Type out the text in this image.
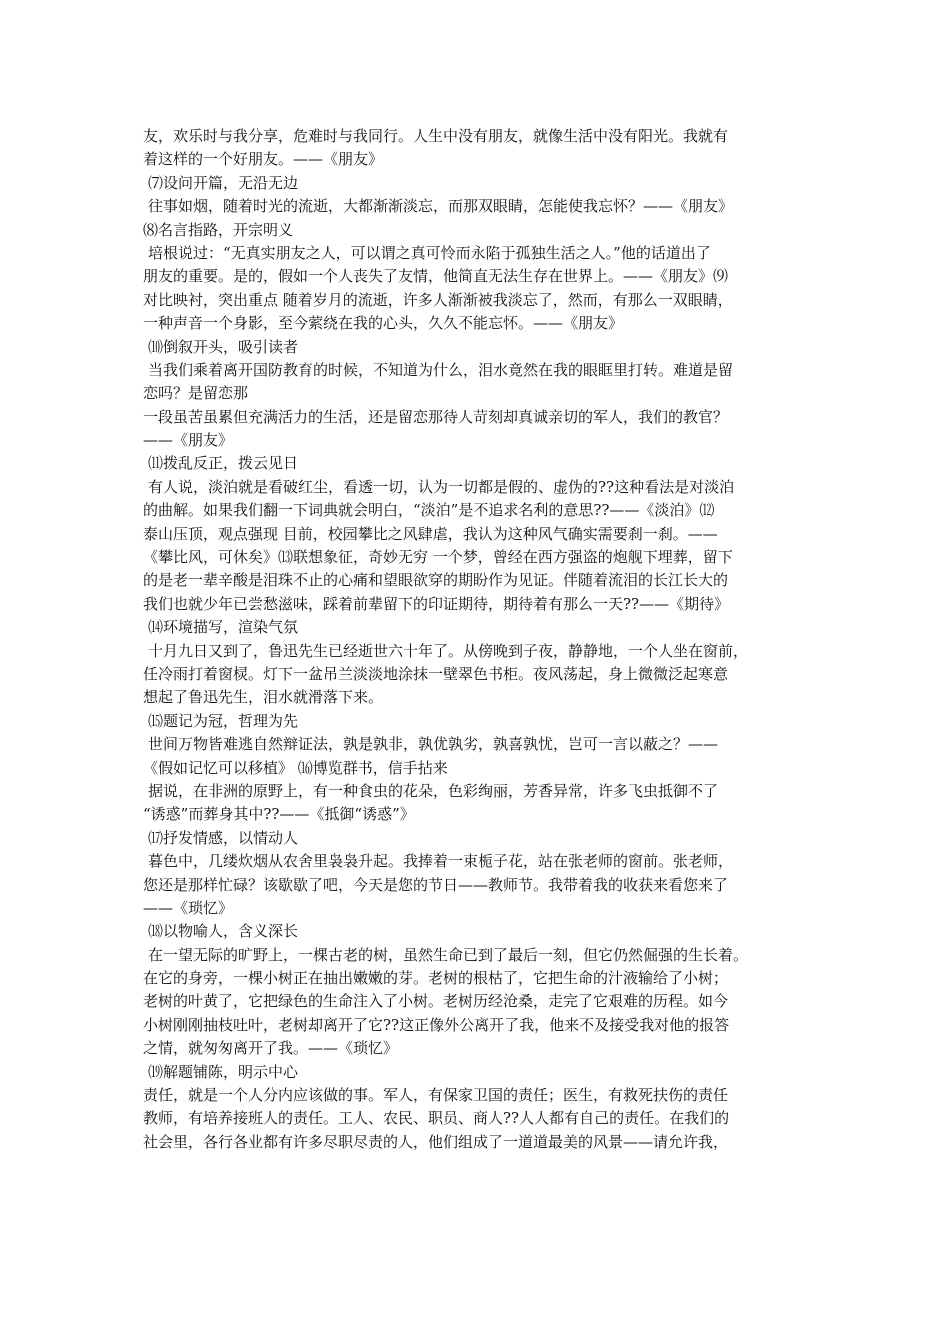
友，欢乐时与我分享，危难时与我同行。人生中没有朋友，就像生活中没有阳光。我就有
着这样的一个好朋友。——《朋友》
⑺设问开篇，无沿无边
往事如烟，随着时光的流逝，大都渐渐淡忘，而那双眼睛，怎能使我忘怀？——《朋友》
⑻名言指路，开宗明义
培根说过：“无真实朋友之人，可以谓之真可怜而永陷于孤独生活之人。”他的话道出了
朋友的重要。是的，假如一个人丧失了友情，他简直无法生存在世界上。——《朋友》⑼
对比映衬，突出重点 随着岁月的流逝，许多人渐渐被我淡忘了，然而，有那么一双眼睛，
一种声音一个身影，至今萦绕在我的心头，久久不能忘怀。——《朋友》
⑽倒叙开头，吸引读者
当我们乘着离开国防教育的时候，不知道为什么，泪水竟然在我的眼眶里打转。难道是留
恋吗？是留恋那
一段虽苦虽累但充满活力的生活，还是留恋那待人苛刻却真诚亲切的军人，我们的教官？
——《朋友》
⑾拨乱反正，拨云见日
有人说，淡泊就是看破红尘，看透一切，认为一切都是假的、虚伪的??这种看法是对淡泊
的曲解。如果我们翻一下词典就会明白，“淡泊”是不追求名利的意思??——《淡泊》⑿
泰山压顶，观点强现 目前，校园攀比之风肆虐，我认为这种风气确实需要刹一刹。——
《攀比风，可休矣》⒀联想象征，奇妙无穷 一个梦，曾经在西方强盗的炮舰下埋葬，留下
的是老一辈辛酸是泪珠不止的心痛和望眼欲穿的期盼作为见证。伴随着流泪的长江长大的
我们也就少年已尝愁滋味，踩着前辈留下的印证期待，期待着有那么一天??——《期待》
⒁环境描写，渲染气氛
十月九日又到了，鲁迅先生已经逝世六十年了。从傍晚到子夜，静静地，一个人坐在窗前，
任冷雨打着窗棂。灯下一盆吊兰淡淡地涂抹一壁翠色书柜。夜风荡起，身上微微泛起寒意
想起了鲁迅先生，泪水就滑落下来。
⒂题记为冠，哲理为先
世间万物皆难逃自然辩证法，孰是孰非，孰优孰劣，孰喜孰忧，岂可一言以蔽之？——
《假如记忆可以移植》 ⒃博览群书，信手拈来
据说，在非洲的原野上，有一种食虫的花朵，色彩绚丽，芳香异常，许多飞虫抵御不了
“诱惑”而葬身其中??——《抵御“诱惑”》
⒄抒发情感，以情动人
暮色中，几缕炊烟从农舍里袅袅升起。我捧着一束栀子花，站在张老师的窗前。张老师，
您还是那样忙碌？该歇歇了吧，今天是您的节日——教师节。我带着我的收获来看您来了
——《琐忆》
⒅以物喻人，含义深长
在一望无际的旷野上，一棵古老的树，虽然生命已到了最后一刻，但它仍然倔强的生长着。
在它的身旁，一棵小树正在抽出嫩嫩的芽。老树的根枯了，它把生命的汁液输给了小树；
老树的叶黄了，它把绿色的生命注入了小树。老树历经沧桑，走完了它艰难的历程。如今
小树刚刚抽枝吐叶，老树却离开了它??这正像外公离开了我，他来不及接受我对他的报答
之情，就匆匆离开了我。——《琐忆》
⒆解题铺陈，明示中心
责任，就是一个人分内应该做的事。军人，有保家卫国的责任；医生，有救死扶伤的责任
教师，有培养接班人的责任。工人、农民、职员、商人??人人都有自己的责任。在我们的
社会里，各行各业都有许多尽职尽责的人，他们组成了一道道最美的风景——请允许我，
